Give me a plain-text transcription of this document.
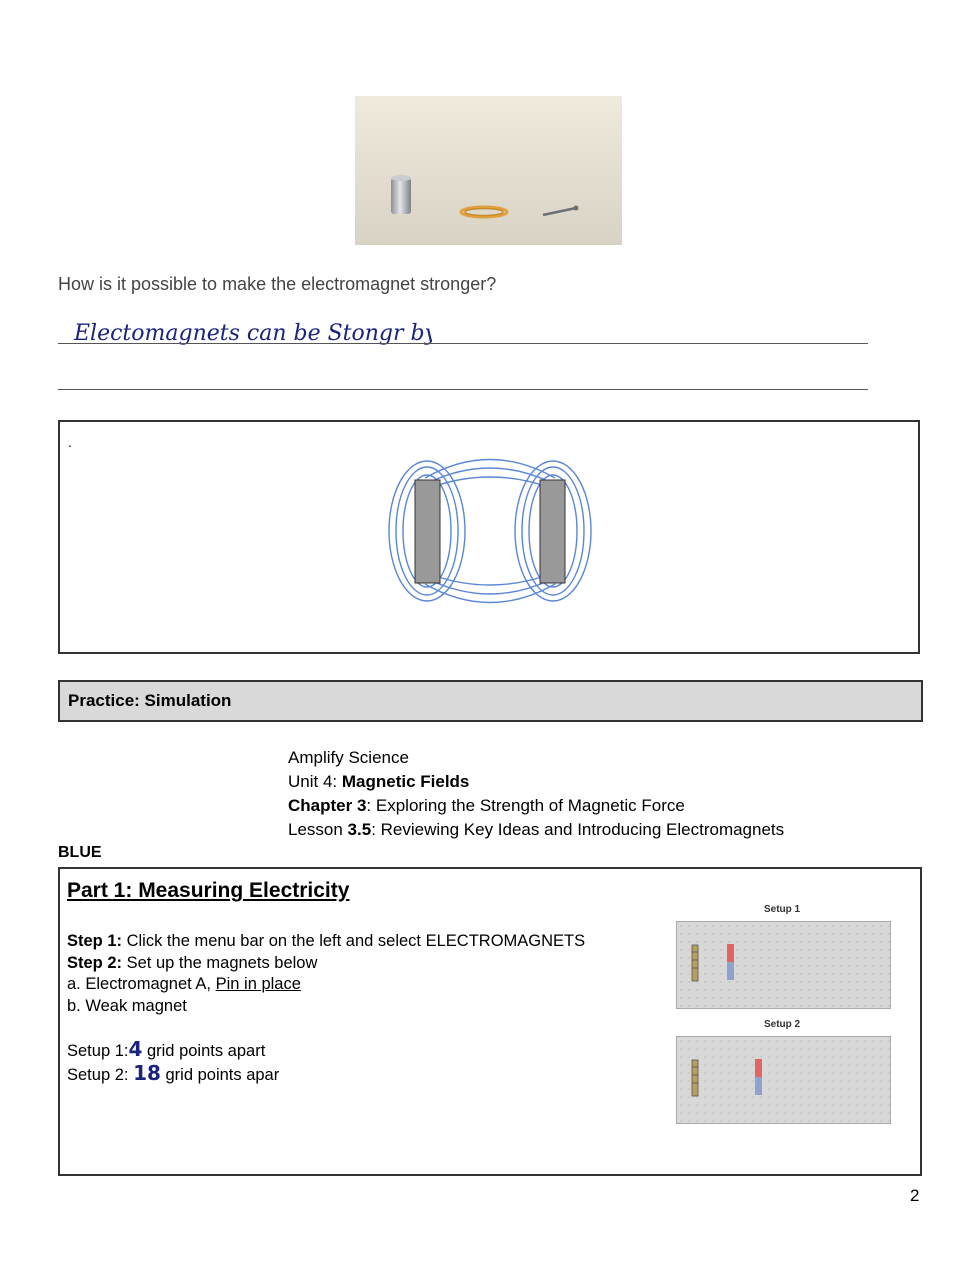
How is it possible to make the electromagnet stronger?
Electomagnets can be Stongr by...
.
Practice: Simulation
Amplify Science
Unit 4: Magnetic Fields
Chapter 3: Exploring the Strength of Magnetic Force
Lesson 3.5: Reviewing Key Ideas and Introducing Electromagnets
BLUE
Part 1: Measuring Electricity
Step 1: Click the menu bar on the left and select ELECTROMAGNETS
Step 2: Set up the magnets below
a. Electromagnet A, Pin in place
b. Weak magnet
Setup 1:4 grid points apart
Setup 2: 18 grid points apar
Setup 1
Setup 2
2
